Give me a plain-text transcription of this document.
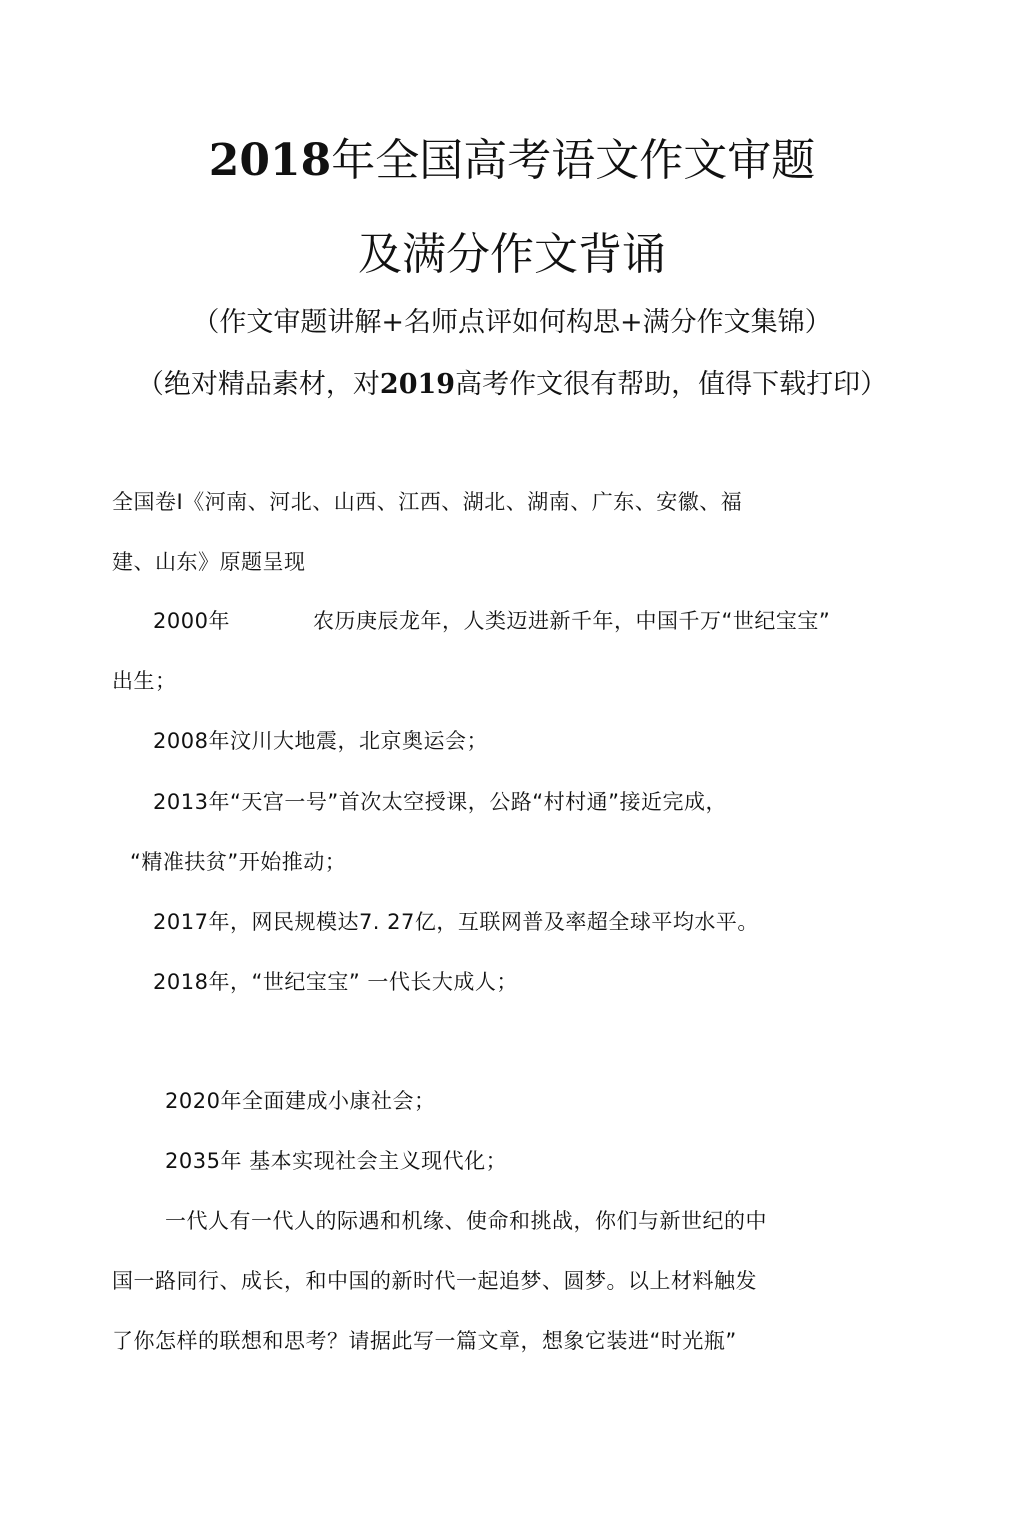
2018年全国高考语文作文审题
及满分作文背诵
（作文审题讲解+名师点评如何构思+满分作文集锦）
（绝对精品素材，对2019高考作文很有帮助，值得下载打印）
全国卷Ⅰ《河南、河北、山西、江西、湖北、湖南、广东、安徽、福
建、山东》原题呈现
2000年	农历庚辰龙年，人类迈进新千年，中国千万“世纪宝宝”
出生；
2008年汶川大地震，北京奥运会；
2013年“天宫一号”首次太空授课，公路“村村通”接近完成，
“精准扶贫”开始推动；
2017年，网民规模达7. 27亿，互联网普及率超全球平均水平。
2018年，“世纪宝宝” 一代长大成人；
2020年全面建成小康社会；
2035年 基本实现社会主义现代化；
一代人有一代人的际遇和机缘、使命和挑战，你们与新世纪的中
国一路同行、成长，和中国的新时代一起追梦、圆梦。以上材料触发
了你怎样的联想和思考？请据此写一篇文章，想象它装进“时光瓶”
